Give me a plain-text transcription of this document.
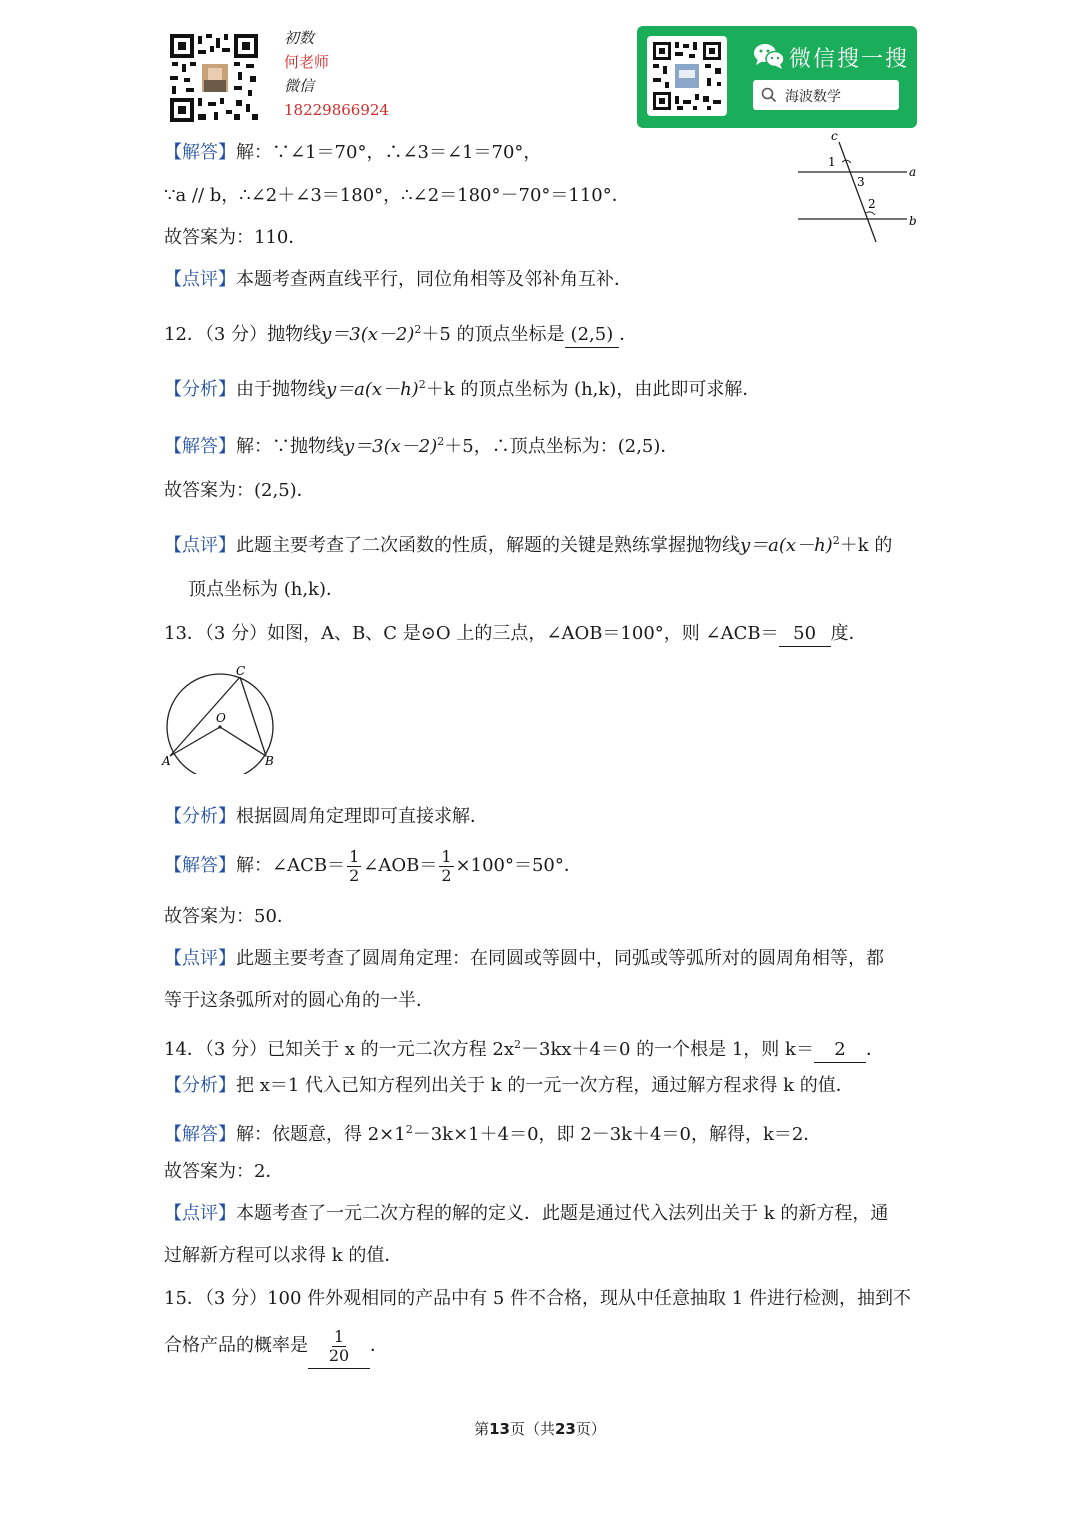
初数
何老师
微信
18229866924
微信搜一搜
海波数学
【解答】解：∵∠1＝70°，∴∠3＝∠1＝70°，
∵a // b，∴∠2＋∠3＝180°，∴∠2＝180°－70°＝110°．
故答案为：110．
【点评】本题考查两直线平行，同位角相等及邻补角互补．
c
1
a
3
2
b
12．（3 分）抛物线$y=3(x-2)^2+5$ 的顶点坐标是 (2,5) ．
【分析】由于抛物线$y=a(x-h)^2+k$ 的顶点坐标为 (h,k)，由此即可求解．
【解答】解：∵抛物线$y=3(x-2)^2+5$，∴顶点坐标为：(2,5)．
故答案为：(2,5)．
【点评】此题主要考查了二次函数的性质，解题的关键是熟练掌握抛物线$y=a(x-h)^2+k$ 的
顶点坐标为 (h,k)．
13．（3 分）如图，A、B、C 是⊙O 上的三点，∠AOB＝100°，则 ∠ACB＝ 50 度．
C
O
A	B
【分析】根据圆周角定理即可直接求解．
【解答】解：∠ACB＝ $\frac{1}{2}$ ∠AOB＝ $\frac{1}{2} \times 100^\circ=50^\circ$．
故答案为：50．
【点评】此题主要考查了圆周角定理：在同圆或等圆中，同弧或等弧所对的圆周角相等，都
等于这条弧所对的圆心角的一半．
14．（3 分）已知关于 x 的一元二次方程 $2x^2-3kx+4=0$ 的一个根是 1，则 k＝ 2 ．
【分析】把 x＝1 代入已知方程列出关于 k 的一元一次方程，通过解方程求得 k 的值．
【解答】解：依题意，得 $2\times 1^2-3k\times 1+4=0$，即 2－3k＋4＝0，解得，k＝2．
故答案为：2．
【点评】本题考查了一元二次方程的解的定义．此题是通过代入法列出关于 k 的新方程，通
过解新方程可以求得 k 的值．
15．（3 分）100 件外观相同的产品中有 5 件不合格，现从中任意抽取 1 件进行检测，抽到不
合格产品的概率是 $\frac{1}{20}$ ．
第13页（共23页）
